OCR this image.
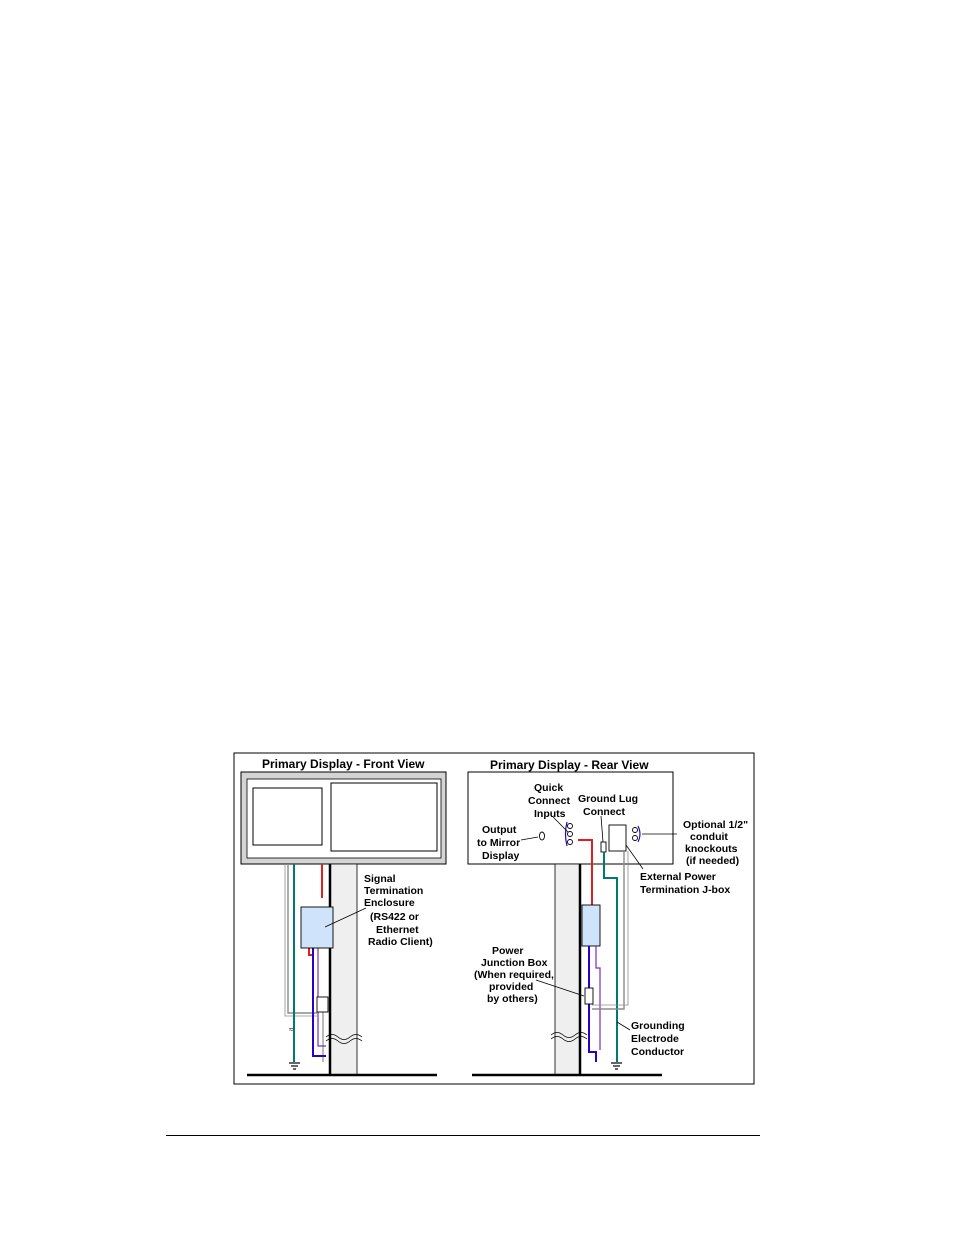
Primary Display - Front View
≈
Signal
Termination
Enclosure
(RS422 or
Ethernet
Radio Client)
Primary Display - Rear View
Quick
Connect
Inputs
Ground Lug
Connect
Output
to Mirror
Display
Optional 1/2"
conduit
knockouts
(if needed)
External Power
Termination J-box
Power
Junction Box
(When required,
provided
by others)
Grounding
Electrode
Conductor
